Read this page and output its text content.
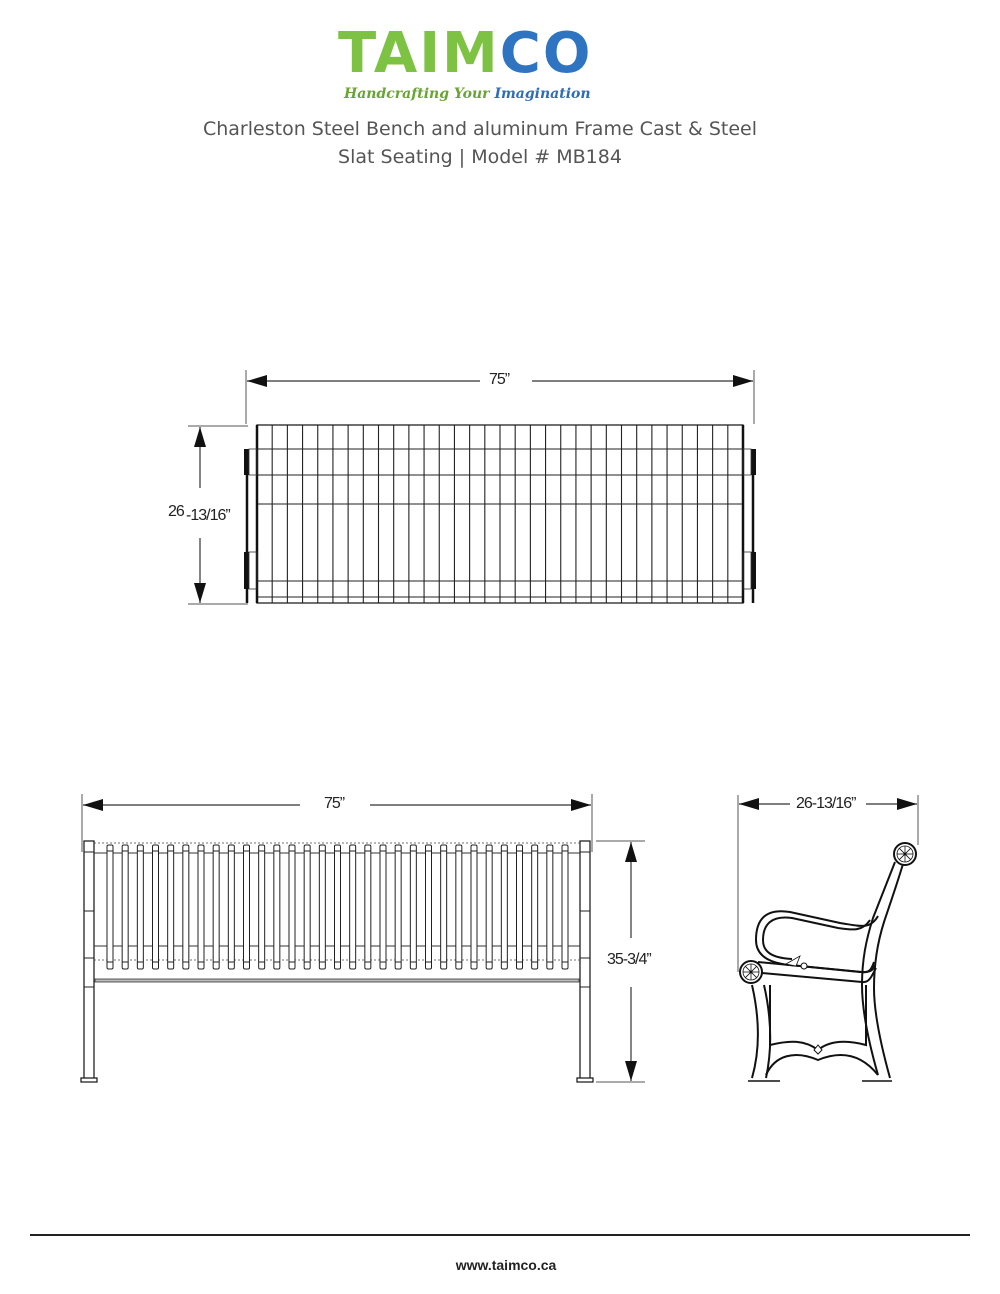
TAIMCO
Handcrafting Your Imagination
Charleston Steel Bench and aluminum Frame Cast & Steel
Slat Seating | Model # MB184
75”
26 -13/16”
75”
35-3/4”
26-13/16”
www.taimco.ca
